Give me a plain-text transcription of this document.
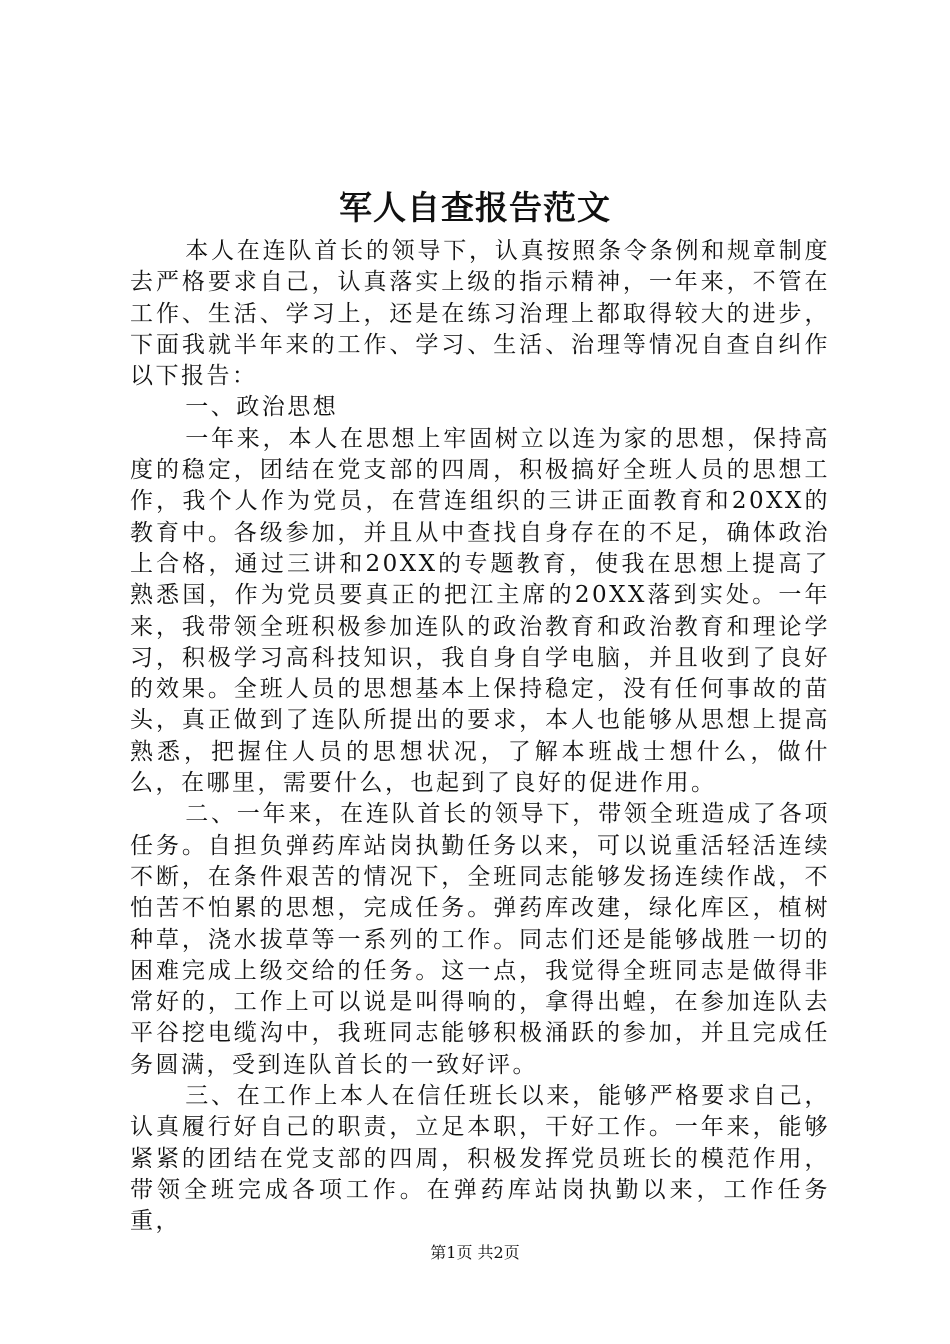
军人自查报告范文

本人在连队首长的领导下，认真按照条令条例和规章制度去严格要求自己，认真落实上级的指示精神，一年来，不管在工作、生活、学习上，还是在练习治理上都取得较大的进步，下面我就半年来的工作、学习、生活、治理等情况自查自纠作以下报告：

一、政治思想

一年来，本人在思想上牢固树立以连为家的思想，保持高度的稳定，团结在党支部的四周，积极搞好全班人员的思想工作，我个人作为党员，在营连组织的三讲正面教育和20XX的教育中。各级参加，并且从中查找自身存在的不足，确体政治上合格，通过三讲和20XX的专题教育，使我在思想上提高了熟悉国，作为党员要真正的把江主席的20XX落到实处。一年来，我带领全班积极参加连队的政治教育和政治教育和理论学习，积极学习高科技知识，我自身自学电脑，并且收到了良好的效果。全班人员的思想基本上保持稳定，没有任何事故的苗头，真正做到了连队所提出的要求，本人也能够从思想上提高熟悉，把握住人员的思想状况，了解本班战士想什么，做什么，在哪里，需要什么，也起到了良好的促进作用。

二、一年来，在连队首长的领导下，带领全班造成了各项任务。自担负弹药库站岗执勤任务以来，可以说重活轻活连续不断，在条件艰苦的情况下，全班同志能够发扬连续作战，不怕苦不怕累的思想，完成任务。弹药库改建，绿化库区，植树种草，浇水拔草等一系列的工作。同志们还是能够战胜一切的困难完成上级交给的任务。这一点，我觉得全班同志是做得非常好的，工作上可以说是叫得响的，拿得出蝗，在参加连队去平谷挖电缆沟中，我班同志能够积极涌跃的参加，并且完成任务圆满，受到连队首长的一致好评。

三、在工作上本人在信任班长以来，能够严格要求自己，认真履行好自己的职责，立足本职，干好工作。一年来，能够紧紧的团结在党支部的四周，积极发挥党员班长的模范作用，带领全班完成各项工作。在弹药库站岗执勤以来，工作任务重，

第1页 共2页
